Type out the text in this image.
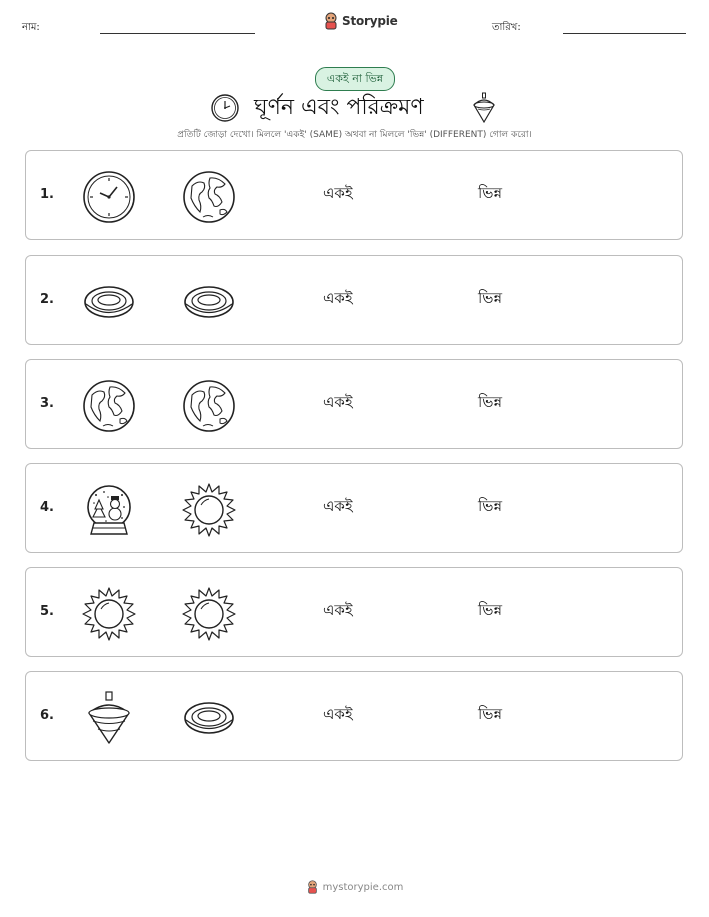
নাম:	Storypie	তারিখ:
একই না ভিন্ন
ঘূর্ণন এবং পরিক্রমণ
প্রতিটি জোড়া দেখো। মিললে 'একই' (SAME) অথবা না মিললে 'ভিন্ন' (DIFFERENT) গোল করো।
1.	একই	ভিন্ন
2.	একই	ভিন্ন
3.	একই	ভিন্ন
4.	একই	ভিন্ন
5.	একই	ভিন্ন
6.	একই	ভিন্ন
mystorypie.com
